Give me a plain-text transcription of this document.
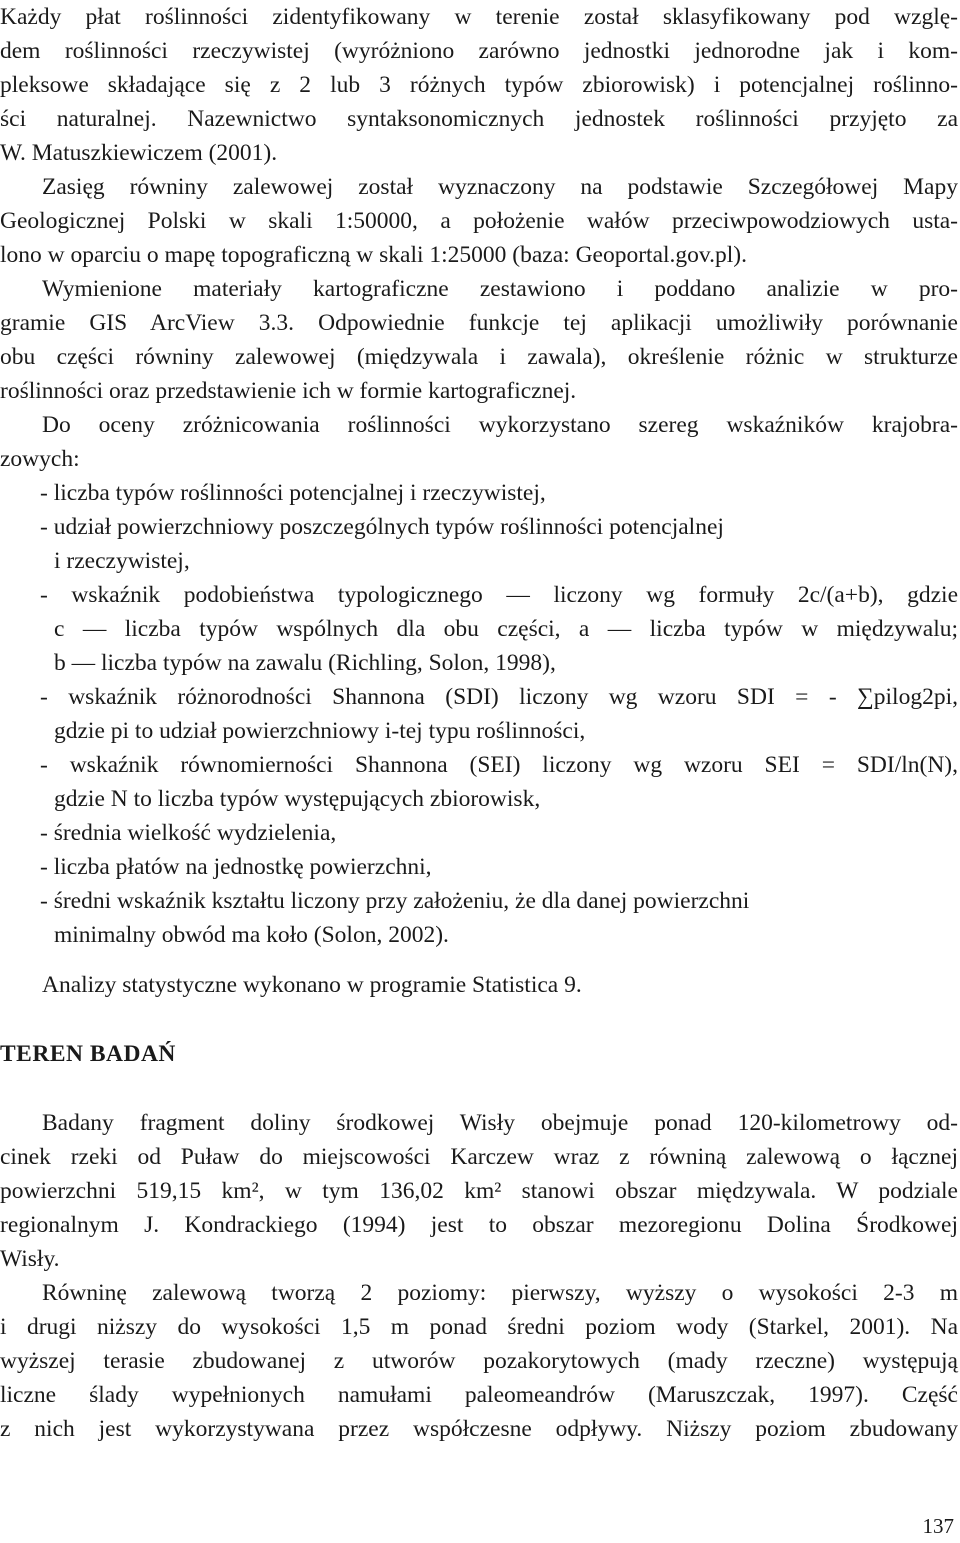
Każdy płat roślinności zidentyfikowany w terenie został sklasyfikowany pod wzglę-
dem roślinności rzeczywistej (wyróżniono zarówno jednostki jednorodne jak i kom-
pleksowe składające się z 2 lub 3 różnych typów zbiorowisk) i potencjalnej roślinno-
ści naturalnej. Nazewnictwo syntaksonomicznych jednostek roślinności przyjęto za
W. Matuszkiewiczem (2001).
Zasięg równiny zalewowej został wyznaczony na podstawie Szczegółowej Mapy
Geologicznej Polski w skali 1:50000, a położenie wałów przeciwpowodziowych usta-
lono w oparciu o mapę topograficzną w skali 1:25000 (baza: Geoportal.gov.pl).
Wymienione materiały kartograficzne zestawiono i poddano analizie w pro-
gramie GIS ArcView 3.3. Odpowiednie funkcje tej aplikacji umożliwiły porównanie
obu części równiny zalewowej (międzywala i zawala), określenie różnic w strukturze
roślinności oraz przedstawienie ich w formie kartograficznej.
Do oceny zróżnicowania roślinności wykorzystano szereg wskaźników krajobra-
zowych:
- liczba typów roślinności potencjalnej i rzeczywistej,
- udział powierzchniowy poszczególnych typów roślinności potencjalnej
i rzeczywistej,
- wskaźnik podobieństwa typologicznego — liczony wg formuły 2c/(a+b), gdzie
c — liczba typów wspólnych dla obu części, a — liczba typów w międzywalu;
b — liczba typów na zawalu (Richling, Solon, 1998),
- wskaźnik różnorodności Shannona (SDI) liczony wg wzoru SDI = - ∑pilog2pi,
gdzie pi to udział powierzchniowy i-tej typu roślinności,
- wskaźnik równomierności Shannona (SEI) liczony wg wzoru SEI = SDI/ln(N),
gdzie N to liczba typów występujących zbiorowisk,
- średnia wielkość wydzielenia,
- liczba płatów na jednostkę powierzchni,
- średni wskaźnik kształtu liczony przy założeniu, że dla danej powierzchni
minimalny obwód ma koło (Solon, 2002).
Analizy statystyczne wykonano w programie Statistica 9.
TEREN BADAŃ
Badany fragment doliny środkowej Wisły obejmuje ponad 120-kilometrowy od-
cinek rzeki od Puław do miejscowości Karczew wraz z równiną zalewową o łącznej
powierzchni 519,15 km², w tym 136,02 km² stanowi obszar międzywala. W podziale
regionalnym J. Kondrackiego (1994) jest to obszar mezoregionu Dolina Środkowej
Wisły.
Równinę zalewową tworzą 2 poziomy: pierwszy, wyższy o wysokości 2-3 m
i drugi niższy do wysokości 1,5 m ponad średni poziom wody (Starkel, 2001). Na
wyższej terasie zbudowanej z utworów pozakorytowych (mady rzeczne) występują
liczne ślady wypełnionych namułami paleomeandrów (Maruszczak, 1997). Część
z nich jest wykorzystywana przez współczesne odpływy. Niższy poziom zbudowany
137
